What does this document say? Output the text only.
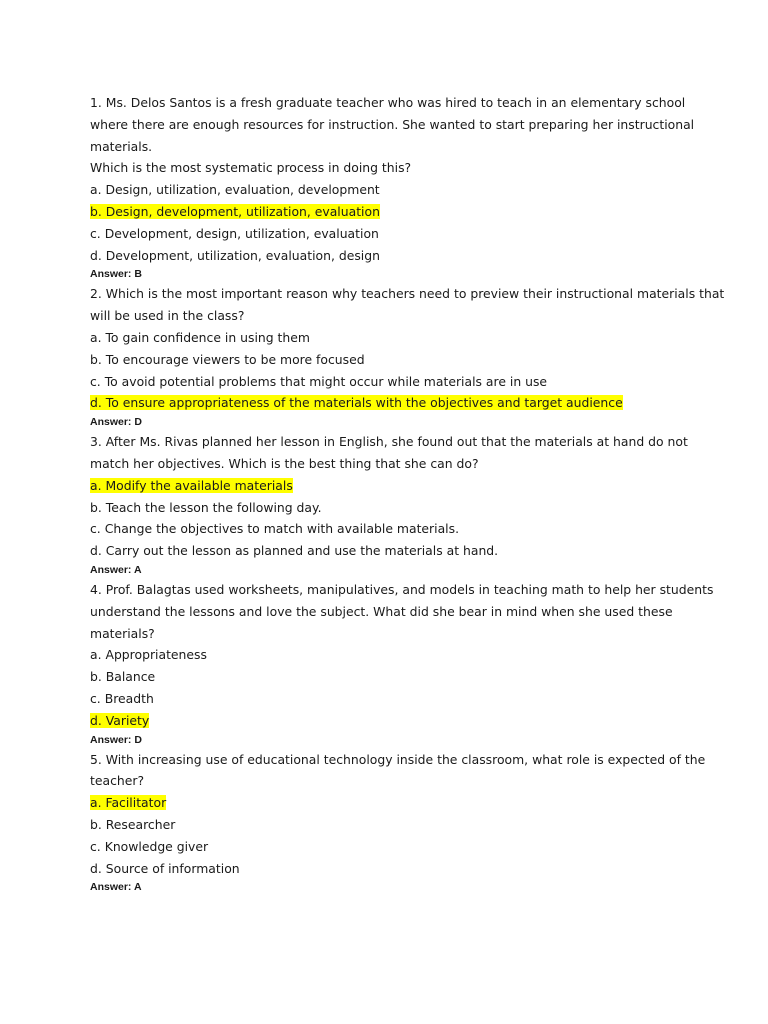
1. Ms. Delos Santos is a fresh graduate teacher who was hired to teach in an elementary school
where there are enough resources for instruction. She wanted to start preparing her instructional
materials.
Which is the most systematic process in doing this?
a. Design, utilization, evaluation, development
b. Design, development, utilization, evaluation
c. Development, design, utilization, evaluation
d. Development, utilization, evaluation, design
Answer: B
2. Which is the most important reason why teachers need to preview their instructional materials that
will be used in the class?
a. To gain confidence in using them
b. To encourage viewers to be more focused
c. To avoid potential problems that might occur while materials are in use
d. To ensure appropriateness of the materials with the objectives and target audience
Answer: D
3. After Ms. Rivas planned her lesson in English, she found out that the materials at hand do not
match her objectives. Which is the best thing that she can do?
a. Modify the available materials
b. Teach the lesson the following day.
c. Change the objectives to match with available materials.
d. Carry out the lesson as planned and use the materials at hand.
Answer: A
4. Prof. Balagtas used worksheets, manipulatives, and models in teaching math to help her students
understand the lessons and love the subject. What did she bear in mind when she used these
materials?
a. Appropriateness
b. Balance
c. Breadth
d. Variety
Answer: D
5. With increasing use of educational technology inside the classroom, what role is expected of the
teacher?
a. Facilitator
b. Researcher
c. Knowledge giver
d. Source of information
Answer: A
